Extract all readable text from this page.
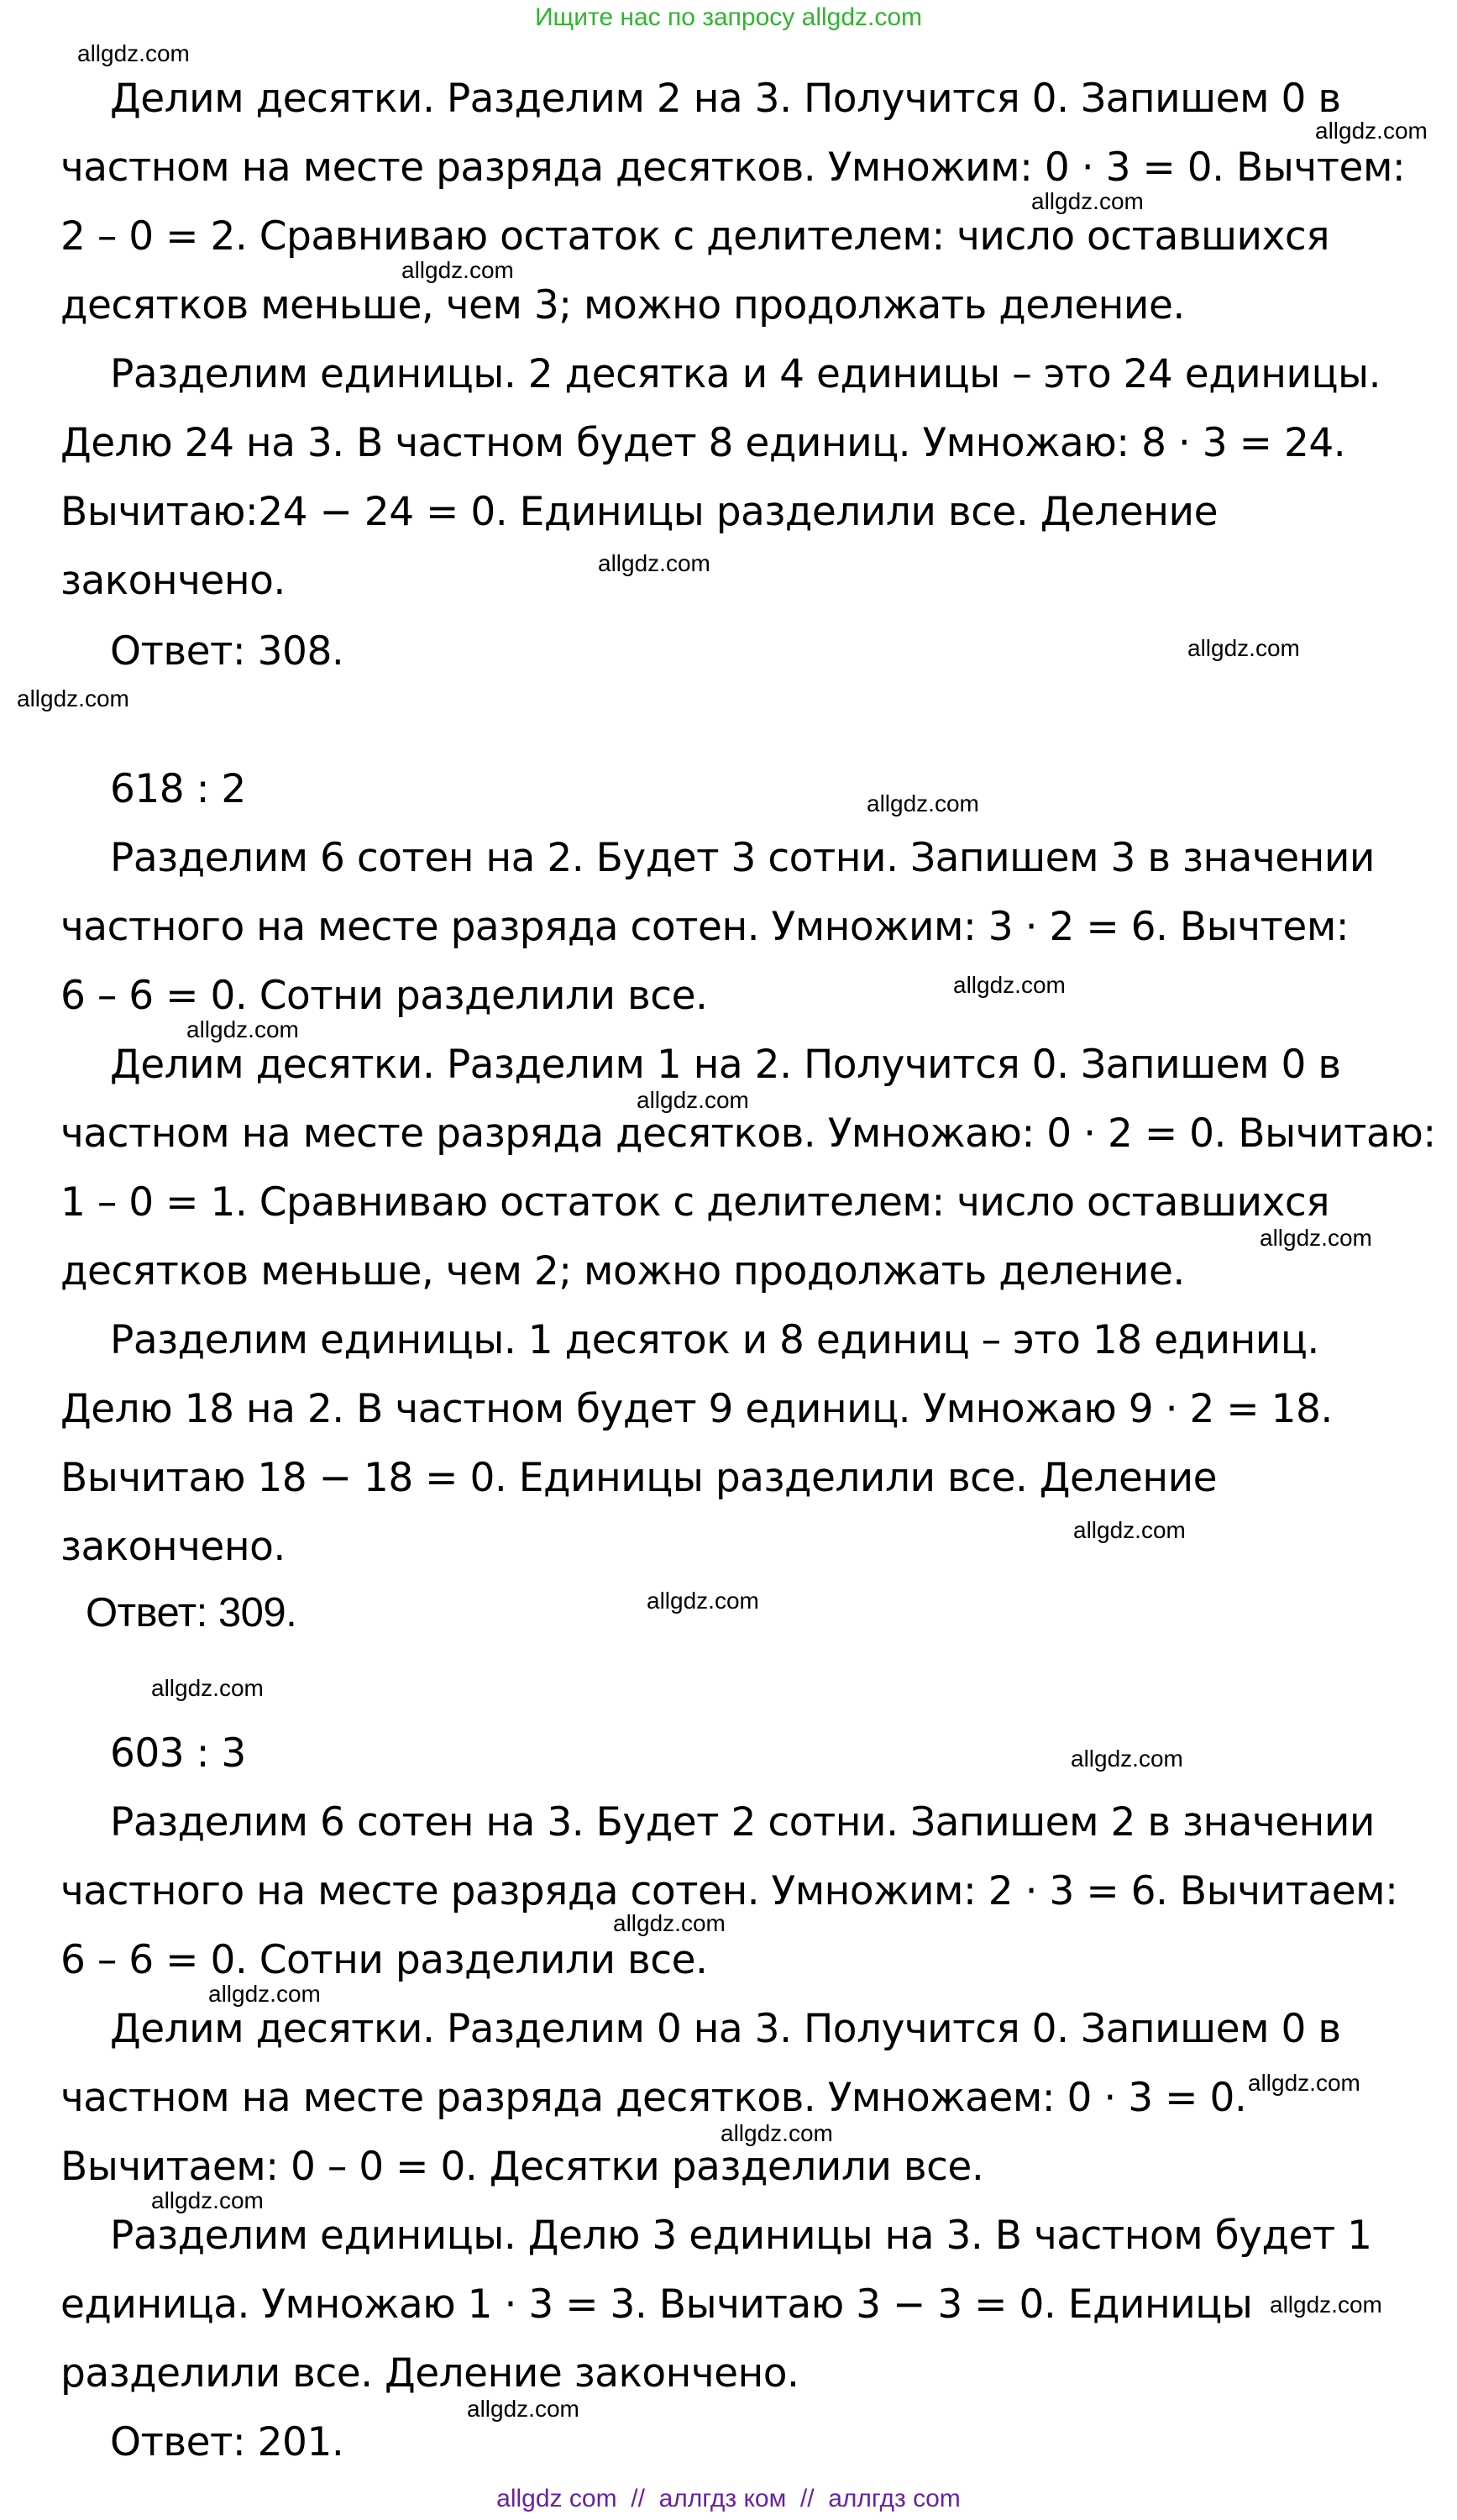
Ищите нас по запросу allgdz.com
Делим десятки. Разделим 2 на 3. Получится 0. Запишем 0 в
частном на месте разряда десятков. Умножим: 0 · 3 = 0. Вычтем:
2 – 0 = 2. Сравниваю остаток с делителем: число оставшихся
десятков меньше, чем 3; можно продолжать деление.
Разделим единицы. 2 десятка и 4 единицы – это 24 единицы.
Делю 24 на 3. В частном будет 8 единиц. Умножаю: 8 · 3 = 24.
Вычитаю:24 − 24 = 0. Единицы разделили все. Деление
закончено.
Ответ: 308.
618 : 2
Разделим 6 сотен на 2. Будет 3 сотни. Запишем 3 в значении
частного на месте разряда сотен. Умножим: 3 · 2 = 6. Вычтем:
6 – 6 = 0. Сотни разделили все.
Делим десятки. Разделим 1 на 2. Получится 0. Запишем 0 в
частном на месте разряда десятков. Умножаю: 0 · 2 = 0. Вычитаю:
1 – 0 = 1. Сравниваю остаток с делителем: число оставшихся
десятков меньше, чем 2; можно продолжать деление.
Разделим единицы. 1 десяток и 8 единиц – это 18 единиц.
Делю 18 на 2. В частном будет 9 единиц. Умножаю 9 · 2 = 18.
Вычитаю 18 − 18 = 0. Единицы разделили все. Деление
закончено.
Ответ: 309.
603 : 3
Разделим 6 сотен на 3. Будет 2 сотни. Запишем 2 в значении
частного на месте разряда сотен. Умножим: 2 · 3 = 6. Вычитаем:
6 – 6 = 0. Сотни разделили все.
Делим десятки. Разделим 0 на 3. Получится 0. Запишем 0 в
частном на месте разряда десятков. Умножаем: 0 · 3 = 0.
Вычитаем: 0 – 0 = 0. Десятки разделили все.
Разделим единицы. Делю 3 единицы на 3. В частном будет 1
единица. Умножаю 1 · 3 = 3. Вычитаю 3 − 3 = 0. Единицы
разделили все. Деление закончено.
Ответ: 201.
allgdz.com
allgdz.com
allgdz.com
allgdz.com
allgdz.com
allgdz.com
allgdz.com
allgdz.com
allgdz.com
allgdz.com
allgdz.com
allgdz.com
allgdz.com
allgdz.com
allgdz.com
allgdz.com
allgdz.com
allgdz.com
allgdz.com
allgdz.com
allgdz.com
allgdz.com
allgdz.com
allgdz com  //  аллгдз ком  //  аллгдз com
